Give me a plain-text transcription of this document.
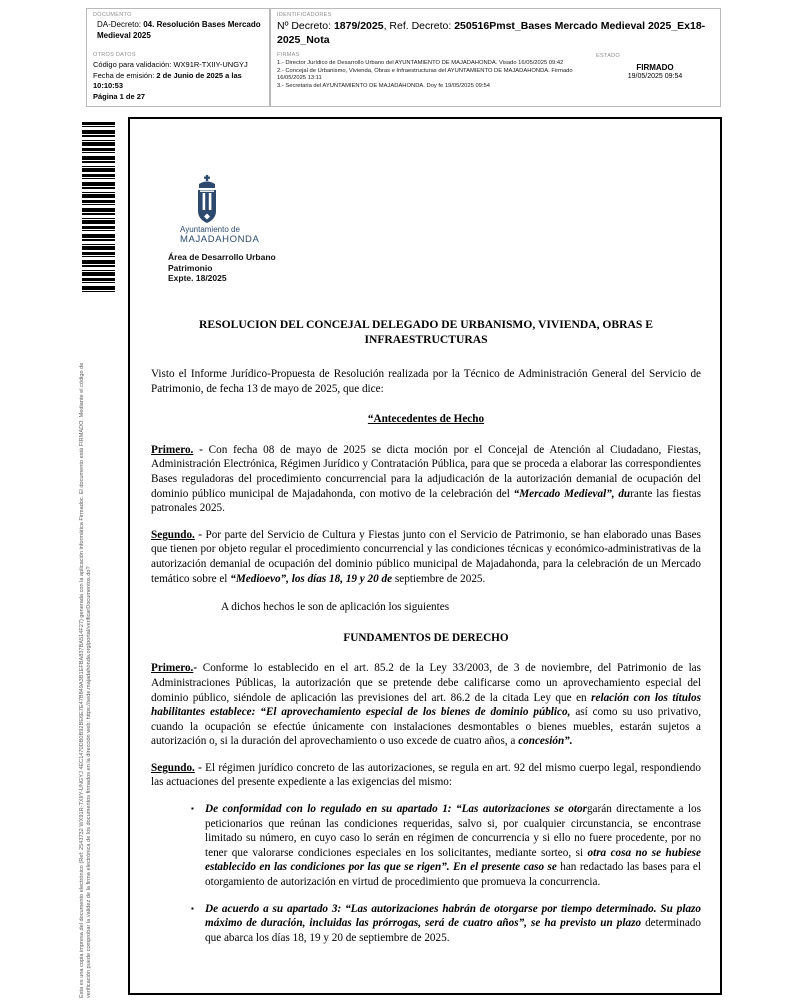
DOCUMENTO
DA-Decreto: 04. Resolución Bases Mercado Medieval 2025
OTROS DATOS
Código para validación: WX91R-TXIIY-UNGYJ
Fecha de emisión: 2 de Junio de 2025 a las 10:10:53
Página 1 de 27
IDENTIFICADORES
Nº Decreto: 1879/2025, Ref. Decreto: 250516Pmst_Bases Mercado Medieval 2025_Ex18-2025_Nota
FIRMAS
1.- Director Jurídico de Desarrollo Urbano del AYUNTAMIENTO DE MAJADAHONDA. Visado 16/05/2025 09:42
2.- Concejal de Urbanismo, Vivienda, Obras e Infraestructuras del AYUNTAMIENTO DE MAJADAHONDA. Firmado 16/05/2025 13:11
3.- Secretaria del AYUNTAMIENTO DE MAJADAHONDA. Doy fe 19/05/2025 09:54
ESTADO
FIRMADO
19/05/2025 09:54
Esta es una copia impresa del documento electrónico (Ref: 2543732 WX91R-TXIIY-UNGYJ 4EC1470DB0B92BE6E7E47B849A3B1EFBA837BA514F27) generada con la aplicación informática Firmadoc. El documento está FIRMADO. Mediante el código de verificación puede comprobar la validez de la firma electrónica de los documentos firmados en la dirección web: https://sede.majadahonda.org/portal/verificarDocumentos.do?
Ayuntamiento de
MAJADAHONDA
Área de Desarrollo Urbano
Patrimonio
Expte. 18/2025
RESOLUCION DEL CONCEJAL DELEGADO DE URBANISMO, VIVIENDA, OBRAS E INFRAESTRUCTURAS
Visto el Informe Jurídico-Propuesta de Resolución realizada por la Técnico de Administración General del Servicio de Patrimonio, de fecha 13 de mayo de 2025, que dice:
“Antecedentes de Hecho
Primero. - Con fecha 08 de mayo de 2025 se dicta moción por el Concejal de Atención al Ciudadano, Fiestas, Administración Electrónica, Régimen Jurídico y Contratación Pública, para que se proceda a elaborar las correspondientes Bases reguladoras del procedimiento concurrencial para la adjudicación de la autorización demanial de ocupación del dominio público municipal de Majadahonda, con motivo de la celebración del “Mercado Medieval”, durante las fiestas patronales 2025.
Segundo. - Por parte del Servicio de Cultura y Fiestas junto con el Servicio de Patrimonio, se han elaborado unas Bases que tienen por objeto regular el procedimiento concurrencial y las condiciones técnicas y económico-administrativas de la autorización demanial de ocupación del dominio público municipal de Majadahonda, para la celebración de un Mercado temático sobre el “Medioevo”, los días 18, 19 y 20 de septiembre de 2025.
A dichos hechos le son de aplicación los siguientes
FUNDAMENTOS DE DERECHO
Primero.- Conforme lo establecido en el art. 85.2 de la Ley 33/2003, de 3 de noviembre, del Patrimonio de las Administraciones Públicas, la autorización que se pretende debe calificarse como un aprovechamiento especial del dominio público, siéndole de aplicación las previsiones del art. 86.2 de la citada Ley que en relación con los títulos habilitantes establece: “El aprovechamiento especial de los bienes de dominio público, así como su uso privativo, cuando la ocupación se efectúe únicamente con instalaciones desmontables o bienes muebles, estarán sujetos a autorización o, si la duración del aprovechamiento o uso excede de cuatro años, a concesión”.
Segundo. - El régimen jurídico concreto de las autorizaciones, se regula en art. 92 del mismo cuerpo legal, respondiendo las actuaciones del presente expediente a las exigencias del mismo:
▪ De conformidad con lo regulado en su apartado 1: “Las autorizaciones se otorgarán directamente a los peticionarios que reúnan las condiciones requeridas, salvo si, por cualquier circunstancia, se encontrase limitado su número, en cuyo caso lo serán en régimen de concurrencia y si ello no fuere procedente, por no tener que valorarse condiciones especiales en los solicitantes, mediante sorteo, si otra cosa no se hubiese establecido en las condiciones por las que se rigen”. En el presente caso se han redactado las bases para el otorgamiento de autorización en virtud de procedimiento que promueva la concurrencia.
▪ De acuerdo a su apartado 3: “Las autorizaciones habrán de otorgarse por tiempo determinado. Su plazo máximo de duración, incluidas las prórrogas, será de cuatro años”, se ha previsto un plazo determinado que abarca los días 18, 19 y 20 de septiembre de 2025.
